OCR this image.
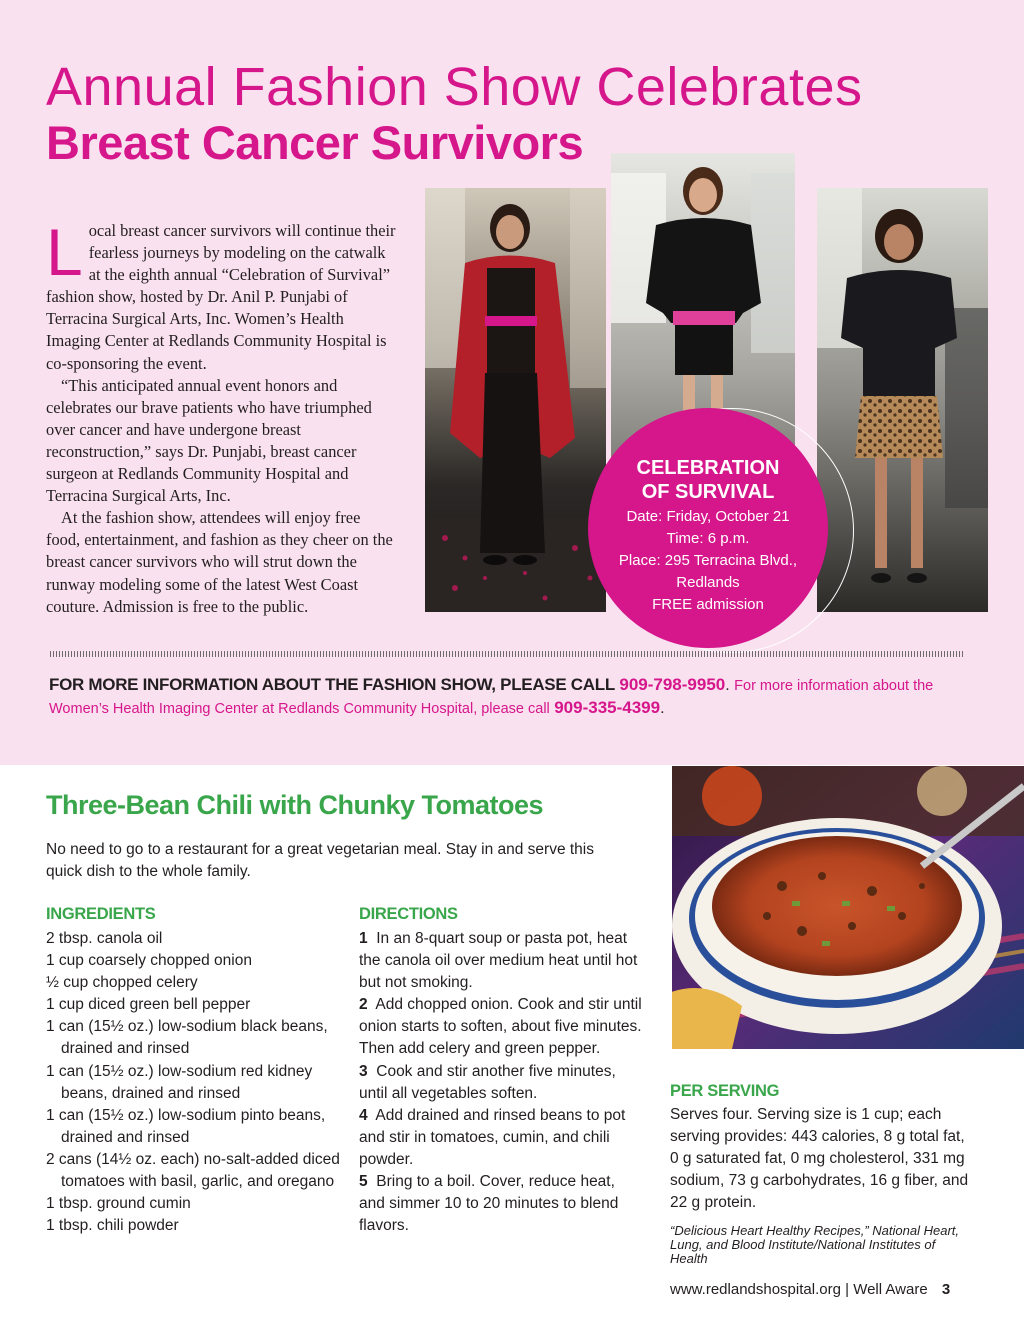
Annual Fashion Show Celebrates
Breast Cancer Survivors

Local breast cancer survivors will continue their fearless journeys by modeling on the catwalk at the eighth annual “Celebration of Survival” fashion show, hosted by Dr. Anil P. Punjabi of Terracina Surgical Arts, Inc. Women’s Health Imaging Center at Redlands Community Hospital is co-sponsoring the event.

“This anticipated annual event honors and celebrates our brave patients who have triumphed over cancer and have undergone breast reconstruction,” says Dr. Punjabi, breast cancer surgeon at Redlands Community Hospital and Terracina Surgical Arts, Inc.

At the fashion show, attendees will enjoy free food, entertainment, and fashion as they cheer on the breast cancer survivors who will strut down the runway modeling some of the latest West Coast couture. Admission is free to the public.

CELEBRATION
OF SURVIVAL
Date: Friday, October 21
Time: 6 p.m.
Place: 295 Terracina Blvd.,
Redlands
FREE admission
FOR MORE INFORMATION ABOUT THE FASHION SHOW, PLEASE CALL 909-798-9950. For more information about the Women’s Health Imaging Center at Redlands Community Hospital, please call 909-335-4399.
Three-Bean Chili with Chunky Tomatoes

No need to go to a restaurant for a great vegetarian meal. Stay in and serve this quick dish to the whole family.

INGREDIENTS
2 tbsp. canola oil
1 cup coarsely chopped onion
½ cup chopped celery
1 cup diced green bell pepper
1 can (15½ oz.) low-sodium black beans, drained and rinsed
1 can (15½ oz.) low-sodium red kidney beans, drained and rinsed
1 can (15½ oz.) low-sodium pinto beans, drained and rinsed
2 cans (14½ oz. each) no-salt-added diced tomatoes with basil, garlic, and oregano
1 tbsp. ground cumin
1 tbsp. chili powder
DIRECTIONS
1 In an 8-quart soup or pasta pot, heat the canola oil over medium heat until hot but not smoking.
2 Add chopped onion. Cook and stir until onion starts to soften, about five minutes. Then add celery and green pepper.
3 Cook and stir another five minutes, until all vegetables soften.
4 Add drained and rinsed beans to pot and stir in tomatoes, cumin, and chili powder.
5 Bring to a boil. Cover, reduce heat, and simmer 10 to 20 minutes to blend flavors.
PER SERVING

Serves four. Serving size is 1 cup; each serving provides: 443 calories, 8 g total fat, 0 g saturated fat, 0 mg cholesterol, 331 mg sodium, 73 g carbohydrates, 16 g fiber, and 22 g protein.

“Delicious Heart Healthy Recipes,” National Heart, Lung, and Blood Institute/National Institutes of Health

www.redlandshospital.org | Well Aware 3
